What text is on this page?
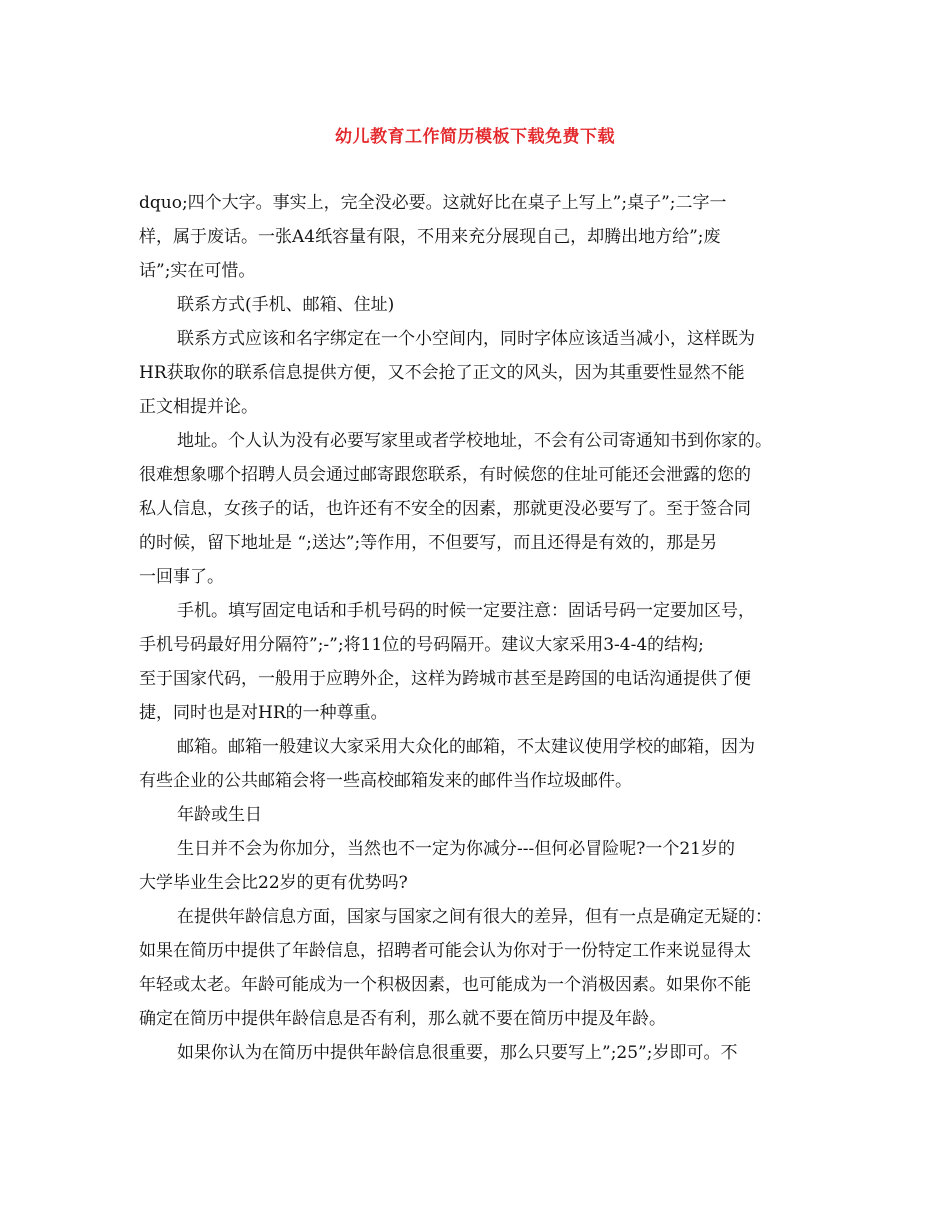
幼儿教育工作简历模板下载免费下载
dquo;四个大字。事实上，完全没必要。这就好比在桌子上写上”;桌子”;二字一
样，属于废话。一张A4纸容量有限，不用来充分展现自己，却腾出地方给”;废
话”;实在可惜。
联系方式(手机、邮箱、住址)
联系方式应该和名字绑定在一个小空间内，同时字体应该适当减小，这样既为
HR获取你的联系信息提供方便，又不会抢了正文的风头，因为其重要性显然不能
正文相提并论。
地址。个人认为没有必要写家里或者学校地址，不会有公司寄通知书到你家的。
很难想象哪个招聘人员会通过邮寄跟您联系，有时候您的住址可能还会泄露的您的
私人信息，女孩子的话，也许还有不安全的因素，那就更没必要写了。至于签合同
的时候，留下地址是 “;送达”;等作用，不但要写，而且还得是有效的，那是另
一回事了。
手机。填写固定电话和手机号码的时候一定要注意：固话号码一定要加区号，
手机号码最好用分隔符”;-”;将11位的号码隔开。建议大家采用3-4-4的结构;
至于国家代码，一般用于应聘外企，这样为跨城市甚至是跨国的电话沟通提供了便
捷，同时也是对HR的一种尊重。
邮箱。邮箱一般建议大家采用大众化的邮箱，不太建议使用学校的邮箱，因为
有些企业的公共邮箱会将一些高校邮箱发来的邮件当作垃圾邮件。
年龄或生日
生日并不会为你加分，当然也不一定为你减分---但何必冒险呢?一个21岁的
大学毕业生会比22岁的更有优势吗?
在提供年龄信息方面，国家与国家之间有很大的差异，但有一点是确定无疑的：
如果在简历中提供了年龄信息，招聘者可能会认为你对于一份特定工作来说显得太
年轻或太老。年龄可能成为一个积极因素，也可能成为一个消极因素。如果你不能
确定在简历中提供年龄信息是否有利，那么就不要在简历中提及年龄。
如果你认为在简历中提供年龄信息很重要，那么只要写上”;25”;岁即可。不
